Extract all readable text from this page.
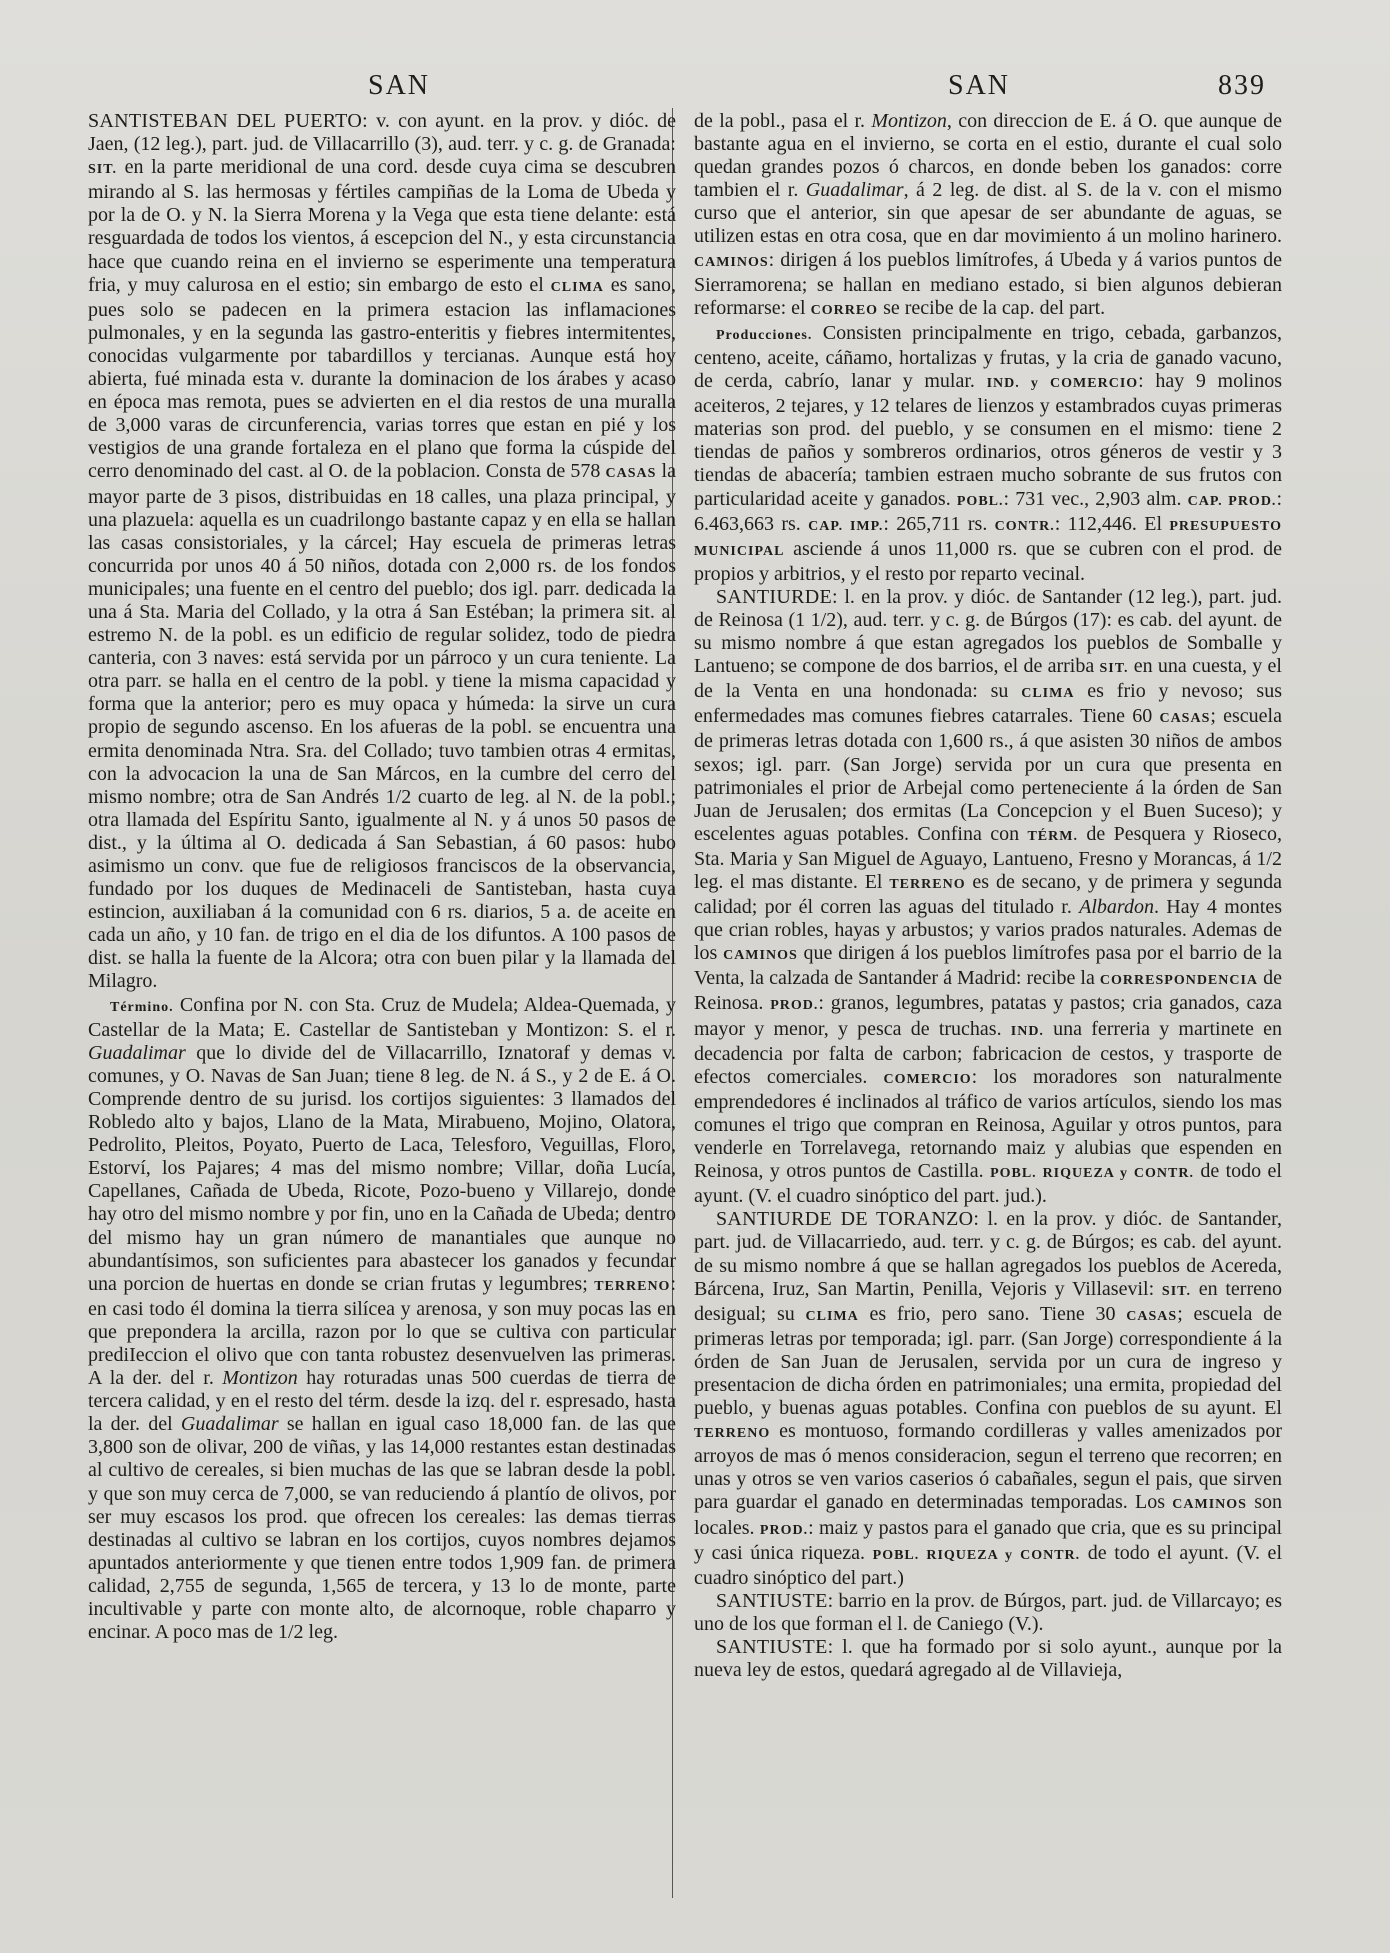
SAN	SAN	839

SANTISTEBAN DEL PUERTO: v. con ayunt. en la prov. y dióc. de Jaen, (12 leg.), part. jud. de Villacarrillo (3), aud. terr. y c. g. de Granada: SIT. en la parte meridional de una cord. desde cuya cima se descubren mirando al S. las hermosas y fértiles campiñas de la Loma de Ubeda y por la de O. y N. la Sierra Morena y la Vega que esta tiene delante: está resguardada de todos los vientos, á escepcion del N., y esta circunstancia hace que cuando reina en el invierno se esperimente una temperatura fria, y muy calurosa en el estio; sin embargo de esto el CLIMA es sano, pues solo se padecen en la primera estacion las inflamaciones pulmonales, y en la segunda las gastro-enteritis y fiebres intermitentes, conocidas vulgarmente por tabardillos y tercianas. Aunque está hoy abierta, fué minada esta v. durante la dominacion de los árabes y acaso en época mas remota, pues se advierten en el dia restos de una muralla de 3,000 varas de circunferencia, varias torres que estan en pié y los vestigios de una grande fortaleza en el plano que forma la cúspide del cerro denominado del cast. al O. de la poblacion. Consta de 578 CASAS la mayor parte de 3 pisos, distribuidas en 18 calles, una plaza principal, y una plazuela: aquella es un cuadrilongo bastante capaz y en ella se hallan las casas consistoriales, y la cárcel; Hay escuela de primeras letras concurrida por unos 40 á 50 niños, dotada con 2,000 rs. de los fondos municipales; una fuente en el centro del pueblo; dos igl. parr. dedicada la una á Sta. Maria del Collado, y la otra á San Estéban; la primera sit. al estremo N. de la pobl. es un edificio de regular solidez, todo de piedra canteria, con 3 naves: está servida por un párroco y un cura teniente. La otra parr. se halla en el centro de la pobl. y tiene la misma capacidad y forma que la anterior; pero es muy opaca y húmeda: la sirve un cura propio de segundo ascenso. En los afueras de la pobl. se encuentra una ermita denominada Ntra. Sra. del Collado; tuvo tambien otras 4 ermitas, con la advocacion la una de San Márcos, en la cumbre del cerro del mismo nombre; otra de San Andrés 1/2 cuarto de leg. al N. de la pobl.; otra llamada del Espíritu Santo, igualmente al N. y á unos 50 pasos de dist., y la última al O. dedicada á San Sebastian, á 60 pasos: hubo asimismo un conv. que fue de religiosos franciscos de la observancia, fundado por los duques de Medinaceli de Santisteban, hasta cuya estincion, auxiliaban á la comunidad con 6 rs. diarios, 5 a. de aceite en cada un año, y 10 fan. de trigo en el dia de los difuntos. A 100 pasos de dist. se halla la fuente de la Alcora; otra con buen pilar y la llamada del Milagro.

Término. Confina por N. con Sta. Cruz de Mudela; Aldea-Quemada, y Castellar de la Mata; E. Castellar de Santisteban y Montizon: S. el r. Guadalimar que lo divide del de Villacarrillo, Iznatoraf y demas v. comunes, y O. Navas de San Juan; tiene 8 leg. de N. á S., y 2 de E. á O. Comprende dentro de su jurisd. los cortijos siguientes: 3 llamados del Robledo alto y bajos, Llano de la Mata, Mirabueno, Mojino, Olatora, Pedrolito, Pleitos, Poyato, Puerto de Laca, Telesforo, Veguillas, Floro, Estorví, los Pajares; 4 mas del mismo nombre; Villar, doña Lucía, Capellanes, Cañada de Ubeda, Ricote, Pozo-bueno y Villarejo, donde hay otro del mismo nombre y por fin, uno en la Cañada de Ubeda; dentro del mismo hay un gran número de manantiales que aunque no abundantísimos, son suficientes para abastecer los ganados y fecundar una porcion de huertas en donde se crian frutas y legumbres; TERRENO: en casi todo él domina la tierra silícea y arenosa, y son muy pocas las en que prepondera la arcilla, razon por lo que se cultiva con particular prediIeccion el olivo que con tanta robustez desenvuelven las primeras. A la der. del r. Montizon hay roturadas unas 500 cuerdas de tierra de tercera calidad, y en el resto del térm. desde la izq. del r. espresado, hasta la der. del Guadalimar se hallan en igual caso 18,000 fan. de las que 3,800 son de olivar, 200 de viñas, y las 14,000 restantes estan destinadas al cultivo de cereales, si bien muchas de las que se labran desde la pobl. y que son muy cerca de 7,000, se van reduciendo á plantío de olivos, por ser muy escasos los prod. que ofrecen los cereales: las demas tierras destinadas al cultivo se labran en los cortijos, cuyos nombres dejamos apuntados anteriormente y que tienen entre todos 1,909 fan. de primera calidad, 2,755 de segunda, 1,565 de tercera, y 13 lo de monte, parte incultivable y parte con monte alto, de alcornoque, roble chaparro y encinar. A poco mas de 1/2 leg.

de la pobl., pasa el r. Montizon, con direccion de E. á O. que aunque de bastante agua en el invierno, se corta en el estio, durante el cual solo quedan grandes pozos ó charcos, en donde beben los ganados: corre tambien el r. Guadalimar, á 2 leg. de dist. al S. de la v. con el mismo curso que el anterior, sin que apesar de ser abundante de aguas, se utilizen estas en otra cosa, que en dar movimiento á un molino harinero. CAMINOS: dirigen á los pueblos limítrofes, á Ubeda y á varios puntos de Sierramorena; se hallan en mediano estado, si bien algunos debieran reformarse: el CORREO se recibe de la cap. del part.

Producciones. Consisten principalmente en trigo, cebada, garbanzos, centeno, aceite, cáñamo, hortalizas y frutas, y la cria de ganado vacuno, de cerda, cabrío, lanar y mular. IND. y COMERCIO: hay 9 molinos aceiteros, 2 tejares, y 12 telares de lienzos y estambrados cuyas primeras materias son prod. del pueblo, y se consumen en el mismo: tiene 2 tiendas de paños y sombreros ordinarios, otros géneros de vestir y 3 tiendas de abacería; tambien estraen mucho sobrante de sus frutos con particularidad aceite y ganados. POBL.: 731 vec., 2,903 alm. CAP. PROD.: 6.463,663 rs. CAP. IMP.: 265,711 rs. CONTR.: 112,446. El PRESUPUESTO MUNICIPAL asciende á unos 11,000 rs. que se cubren con el prod. de propios y arbitrios, y el resto por reparto vecinal.

SANTIURDE: l. en la prov. y dióc. de Santander (12 leg.), part. jud. de Reinosa (1 1/2), aud. terr. y c. g. de Búrgos (17): es cab. del ayunt. de su mismo nombre á que estan agregados los pueblos de Somballe y Lantueno; se compone de dos barrios, el de arriba SIT. en una cuesta, y el de la Venta en una hondonada: su CLIMA es frio y nevoso; sus enfermedades mas comunes fiebres catarrales. Tiene 60 CASAS; escuela de primeras letras dotada con 1,600 rs., á que asisten 30 niños de ambos sexos; igl. parr. (San Jorge) servida por un cura que presenta en patrimoniales el prior de Arbejal como perteneciente á la órden de San Juan de Jerusalen; dos ermitas (La Concepcion y el Buen Suceso); y escelentes aguas potables. Confina con TÉRM. de Pesquera y Rioseco, Sta. Maria y San Miguel de Aguayo, Lantueno, Fresno y Morancas, á 1/2 leg. el mas distante. El TERRENO es de secano, y de primera y segunda calidad; por él corren las aguas del titulado r. Albardon. Hay 4 montes que crian robles, hayas y arbustos; y varios prados naturales. Ademas de los CAMINOS que dirigen á los pueblos limítrofes pasa por el barrio de la Venta, la calzada de Santander á Madrid: recibe la CORRESPONDENCIA de Reinosa. PROD.: granos, legumbres, patatas y pastos; cria ganados, caza mayor y menor, y pesca de truchas. IND. una ferreria y martinete en decadencia por falta de carbon; fabricacion de cestos, y trasporte de efectos comerciales. COMERCIO: los moradores son naturalmente emprendedores é inclinados al tráfico de varios artículos, siendo los mas comunes el trigo que compran en Reinosa, Aguilar y otros puntos, para venderle en Torrelavega, retornando maiz y alubias que espenden en Reinosa, y otros puntos de Castilla. POBL. RIQUEZA y CONTR. de todo el ayunt. (V. el cuadro sinóptico del part. jud.).

SANTIURDE DE TORANZO: l. en la prov. y dióc. de Santander, part. jud. de Villacarriedo, aud. terr. y c. g. de Búrgos; es cab. del ayunt. de su mismo nombre á que se hallan agregados los pueblos de Acereda, Bárcena, Iruz, San Martin, Penilla, Vejoris y Villasevil: SIT. en terreno desigual; su CLIMA es frio, pero sano. Tiene 30 CASAS; escuela de primeras letras por temporada; igl. parr. (San Jorge) correspondiente á la órden de San Juan de Jerusalen, servida por un cura de ingreso y presentacion de dicha órden en patrimoniales; una ermita, propiedad del pueblo, y buenas aguas potables. Confina con pueblos de su ayunt. El TERRENO es montuoso, formando cordilleras y valles amenizados por arroyos de mas ó menos consideracion, segun el terreno que recorren; en unas y otros se ven varios caserios ó cabañales, segun el pais, que sirven para guardar el ganado en determinadas temporadas. Los CAMINOS son locales. PROD.: maiz y pastos para el ganado que cria, que es su principal y casi única riqueza. POBL. RIQUEZA y CONTR. de todo el ayunt. (V. el cuadro sinóptico del part.)

SANTIUSTE: barrio en la prov. de Búrgos, part. jud. de Villarcayo; es uno de los que forman el l. de Caniego (V.).

SANTIUSTE: l. que ha formado por si solo ayunt., aunque por la nueva ley de estos, quedará agregado al de Villavieja,
